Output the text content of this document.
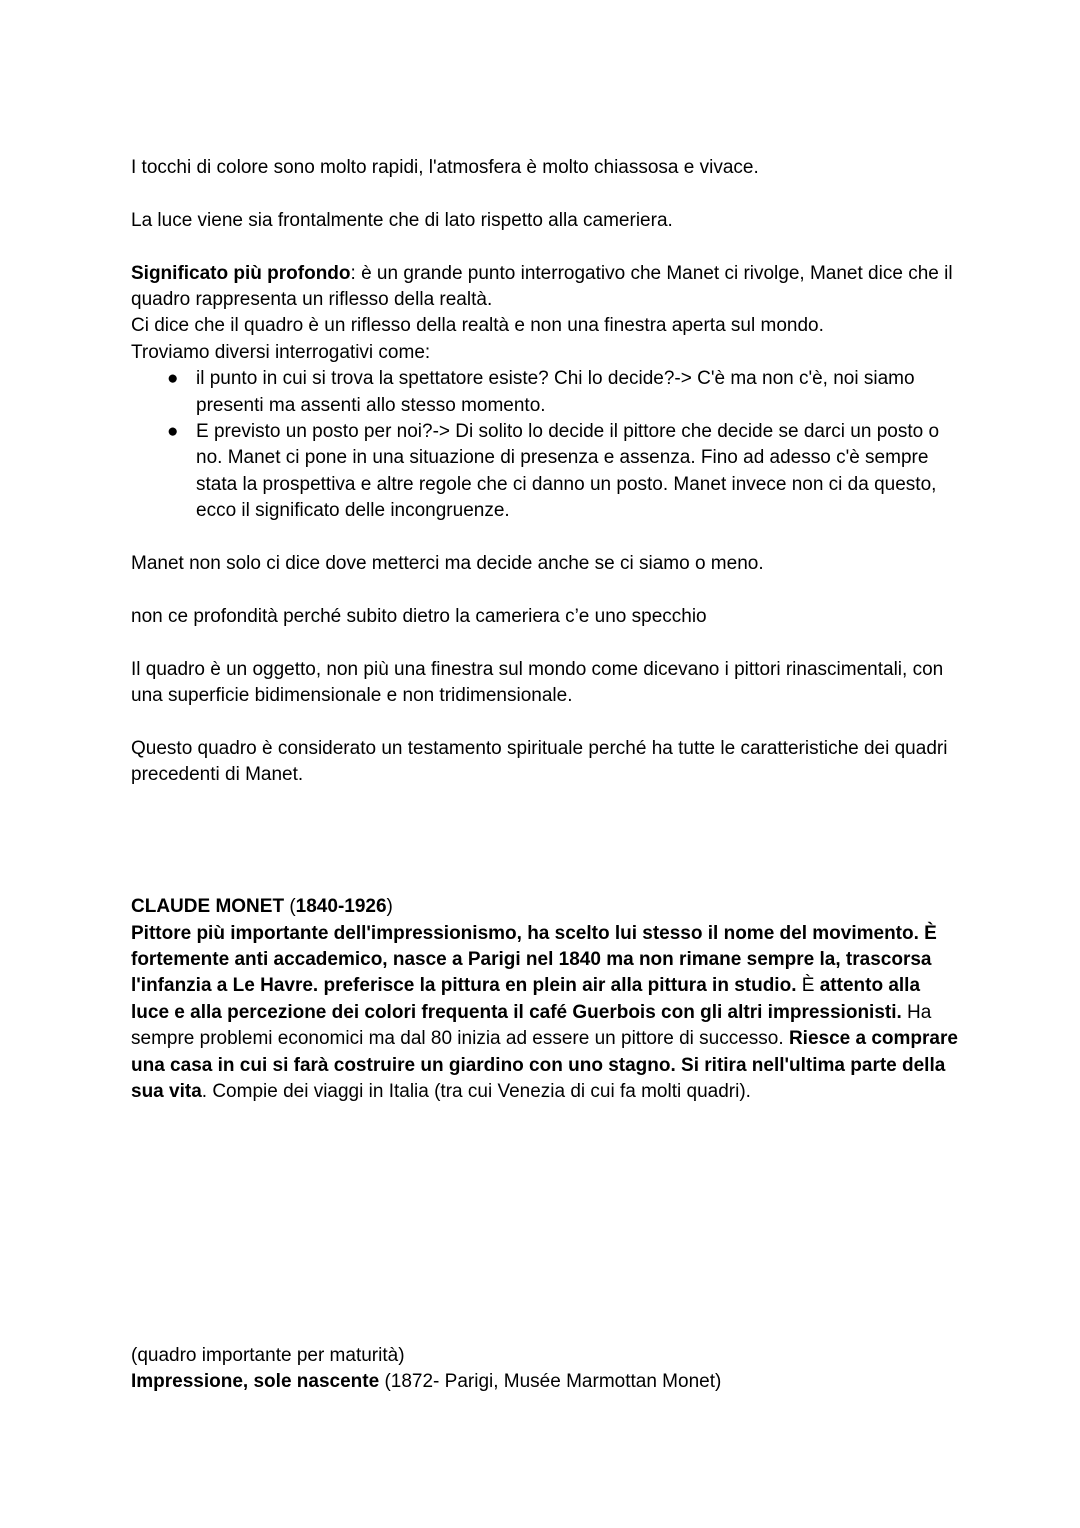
I tocchi di colore sono molto rapidi, l'atmosfera è molto chiassosa e vivace.

La luce viene sia frontalmente che di lato rispetto alla cameriera.

Significato più profondo: è un grande punto interrogativo che Manet ci rivolge, Manet dice che il quadro rappresenta un riflesso della realtà.

Ci dice che il quadro è un riflesso della realtà e non una finestra aperta sul mondo.

Troviamo diversi interrogativi come:

● il punto in cui si trova la spettatore esiste? Chi lo decide?-> C'è ma non c'è, noi siamo presenti ma assenti allo stesso momento.
● E previsto un posto per noi?-> Di solito lo decide il pittore che decide se darci un posto o no. Manet ci pone in una situazione di presenza e assenza. Fino ad adesso c'è sempre stata la prospettiva e altre regole che ci danno un posto. Manet invece non ci da questo, ecco il significato delle incongruenze.

Manet non solo ci dice dove metterci ma decide anche se ci siamo o meno.

non ce profondità perché subito dietro la cameriera c’e uno specchio

Il quadro è un oggetto, non più una finestra sul mondo come dicevano i pittori rinascimentali, con una superficie bidimensionale e non tridimensionale.

Questo quadro è considerato un testamento spirituale perché ha tutte le caratteristiche dei quadri precedenti di Manet.

CLAUDE MONET (1840-1926)

Pittore più importante dell'impressionismo, ha scelto lui stesso il nome del movimento. È fortemente anti accademico, nasce a Parigi nel 1840 ma non rimane sempre la, trascorsa l'infanzia a Le Havre. preferisce la pittura en plein air alla pittura in studio. È attento alla luce e alla percezione dei colori frequenta il café Guerbois con gli altri impressionisti. Ha sempre problemi economici ma dal 80 inizia ad essere un pittore di successo. Riesce a comprare una casa in cui si farà costruire un giardino con uno stagno. Si ritira nell'ultima parte della sua vita. Compie dei viaggi in Italia (tra cui Venezia di cui fa molti quadri).

(quadro importante per maturità)

Impressione, sole nascente (1872- Parigi, Musée Marmottan Monet)
